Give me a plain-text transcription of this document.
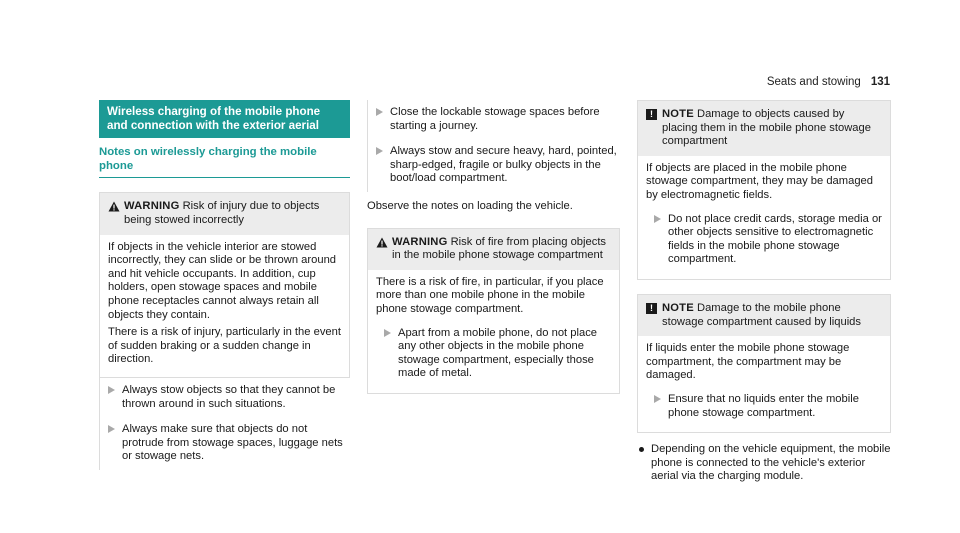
Seats and stowing 131
Wireless charging of the mobile phone and connection with the exterior aerial
Notes on wirelessly charging the mobile phone
WARNING Risk of injury due to objects being stowed incorrectly

If objects in the vehicle interior are stowed incorrectly, they can slide or be thrown around and hit vehicle occupants. In addition, cup holders, open stowage spaces and mobile phone receptacles cannot always retain all objects they contain.

There is a risk of injury, particularly in the event of sudden braking or a sudden change in direction.

Always stow objects so that they cannot be thrown around in such situations.
Always make sure that objects do not protrude from stowage spaces, luggage nets or stowage nets.
Close the lockable stowage spaces before starting a journey.
Always stow and secure heavy, hard, pointed, sharp-edged, fragile or bulky objects in the boot/load compartment.

Observe the notes on loading the vehicle.

WARNING Risk of fire from placing objects in the mobile phone stowage compartment

There is a risk of fire, in particular, if you place more than one mobile phone in the mobile phone stowage compartment.

Apart from a mobile phone, do not place any other objects in the mobile phone stowage compartment, especially those made of metal.
! NOTE Damage to objects caused by placing them in the mobile phone stowage compartment

If objects are placed in the mobile phone stowage compartment, they may be damaged by electromagnetic fields.

Do not place credit cards, storage media or other objects sensitive to electromagnetic fields in the mobile phone stowage compartment.
! NOTE Damage to the mobile phone stowage compartment caused by liquids

If liquids enter the mobile phone stowage compartment, the compartment may be damaged.

Ensure that no liquids enter the mobile phone stowage compartment.
Depending on the vehicle equipment, the mobile phone is connected to the vehicle's exterior aerial via the charging module.
